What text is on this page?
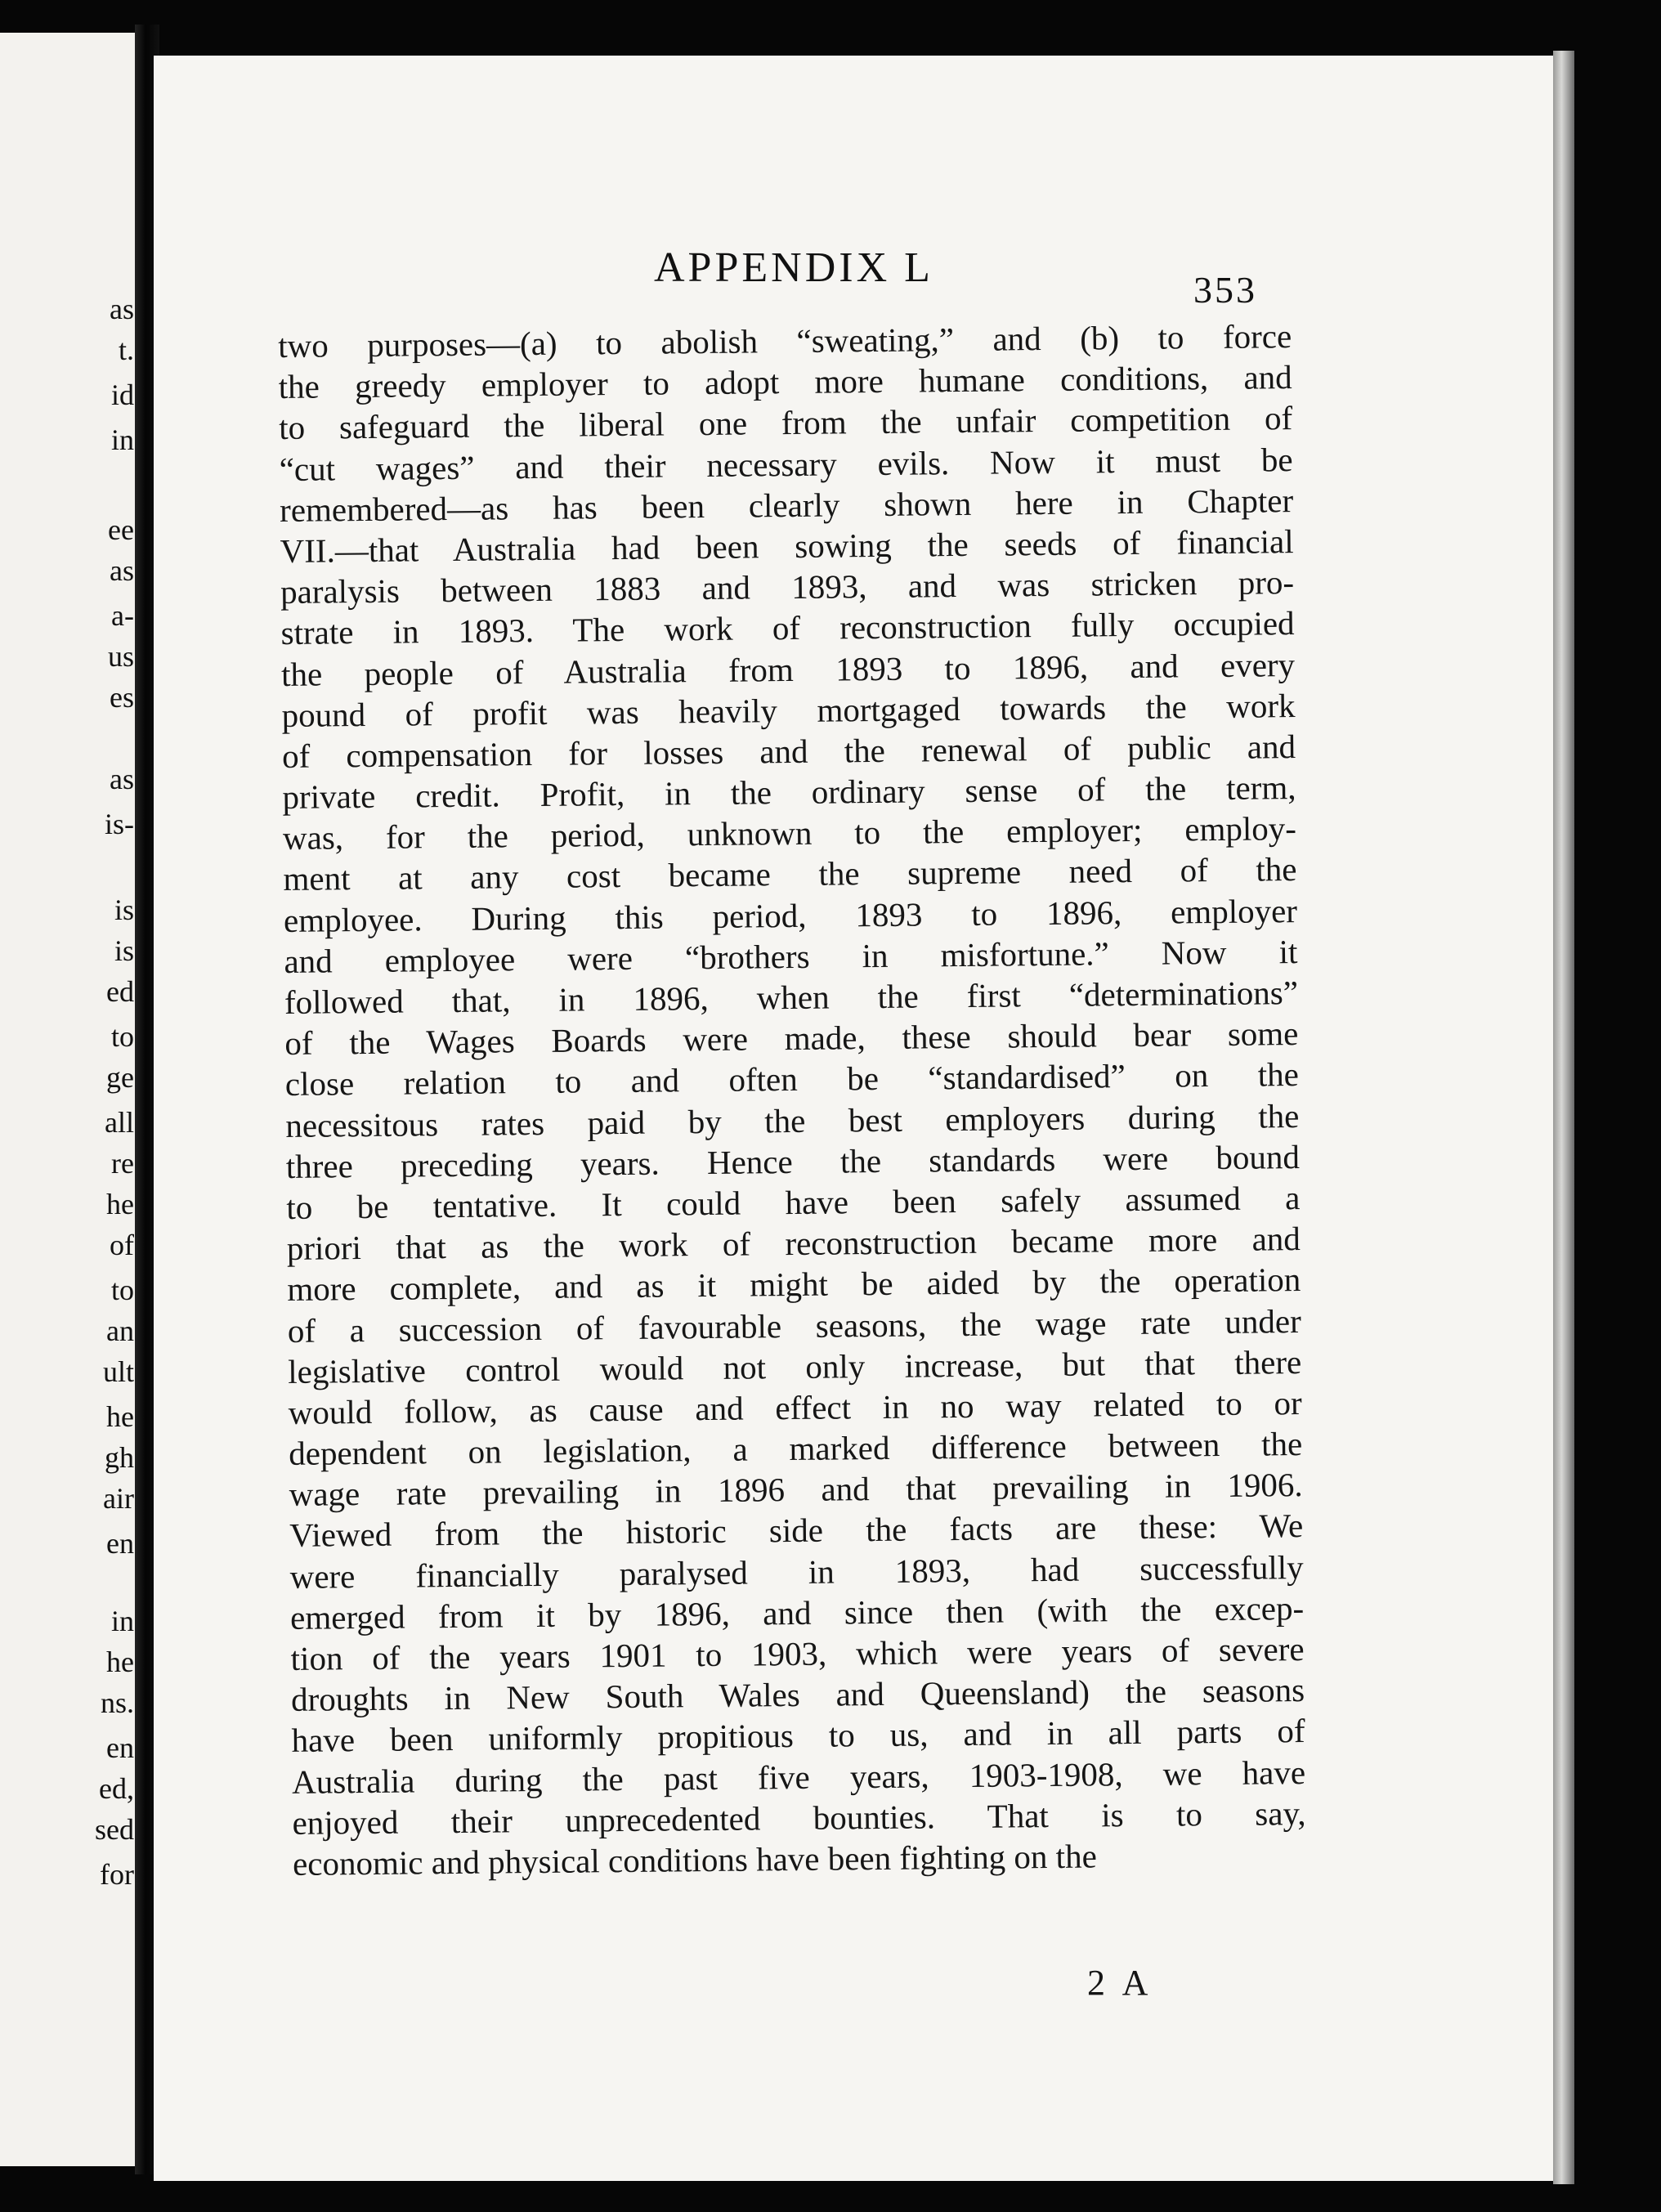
as
t.
id
in
ee
as
a-
us
es
as
is-
is
is
ed
to
ge
all
re
he
of
to
an
ult
he
gh
air
en
in
he
ns.
en
ed,
sed
for
APPENDIX L	353
two purposes—(a) to abolish “sweating,” and (b) to force
the greedy employer to adopt more humane conditions, and
to safeguard the liberal one from the unfair competition of
“cut wages” and their necessary evils. Now it must be
remembered—as has been clearly shown here in Chapter
VII.—that Australia had been sowing the seeds of financial
paralysis between 1883 and 1893, and was stricken pro-
strate in 1893. The work of reconstruction fully occupied
the people of Australia from 1893 to 1896, and every
pound of profit was heavily mortgaged towards the work
of compensation for losses and the renewal of public and
private credit. Profit, in the ordinary sense of the term,
was, for the period, unknown to the employer; employ-
ment at any cost became the supreme need of the
employee. During this period, 1893 to 1896, employer
and employee were “brothers in misfortune.” Now it
followed that, in 1896, when the first “determinations”
of the Wages Boards were made, these should bear some
close relation to and often be “standardised” on the
necessitous rates paid by the best employers during the
three preceding years. Hence the standards were bound
to be tentative. It could have been safely assumed a
priori that as the work of reconstruction became more and
more complete, and as it might be aided by the operation
of a succession of favourable seasons, the wage rate under
legislative control would not only increase, but that there
would follow, as cause and effect in no way related to or
dependent on legislation, a marked difference between the
wage rate prevailing in 1896 and that prevailing in 1906.
Viewed from the historic side the facts are these: We
were financially paralysed in 1893, had successfully
emerged from it by 1896, and since then (with the excep-
tion of the years 1901 to 1903, which were years of severe
droughts in New South Wales and Queensland) the seasons
have been uniformly propitious to us, and in all parts of
Australia during the past five years, 1903-1908, we have
enjoyed their unprecedented bounties. That is to say,
economic and physical conditions have been fighting on the
2 A
